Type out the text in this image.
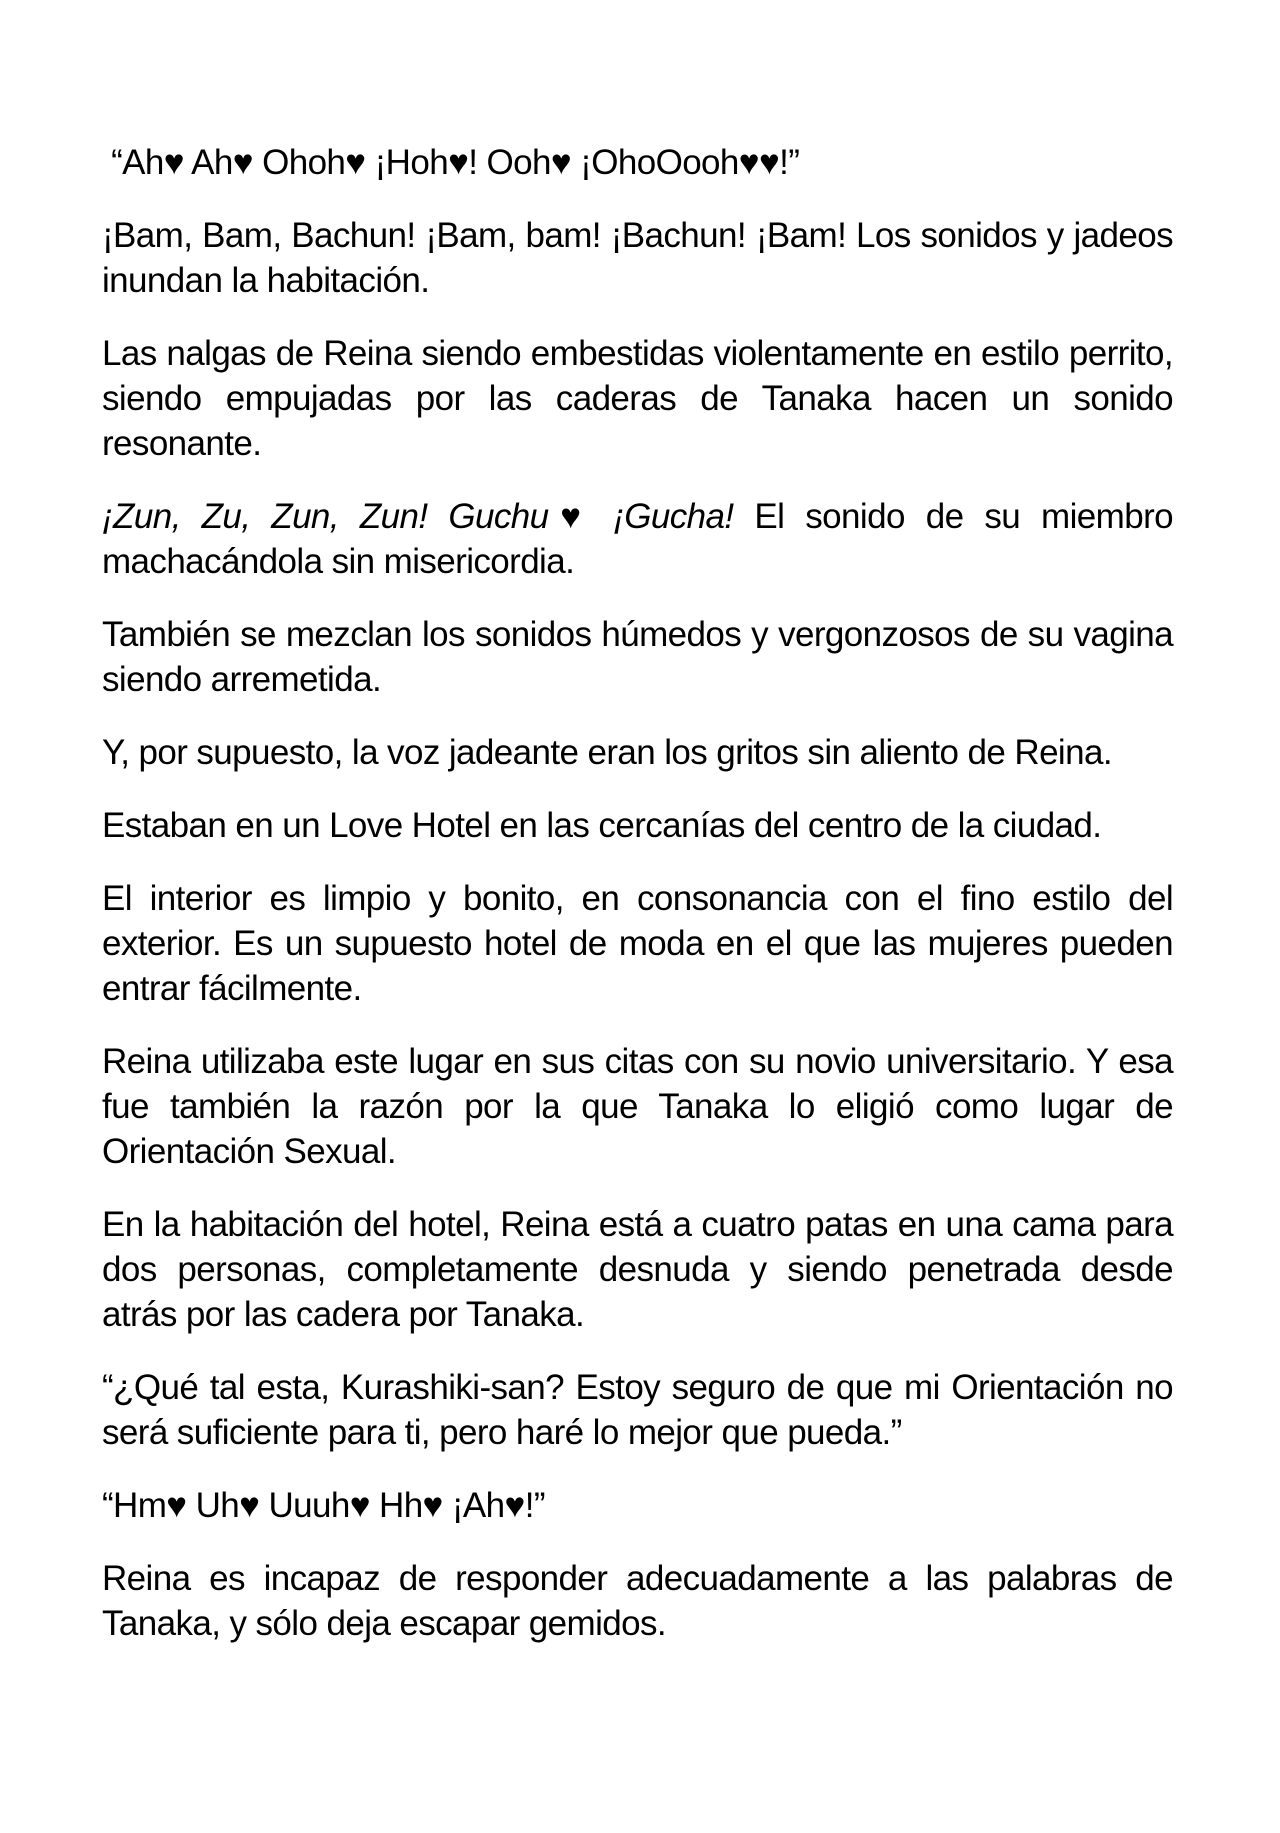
“Ah♥ Ah♥ Ohoh♥ ¡Hoh♥! Ooh♥ ¡OhoOooh♥♥!”

¡Bam, Bam, Bachun! ¡Bam, bam! ¡Bachun! ¡Bam! Los sonidos y jadeos inundan la habitación.

Las nalgas de Reina siendo embestidas violentamente en estilo perrito, siendo empujadas por las caderas de Tanaka hacen un sonido resonante.

¡Zun, Zu, Zun, Zun! Guchu♥ ¡Gucha! El sonido de su miembro machacándola sin misericordia.

También se mezclan los sonidos húmedos y vergonzosos de su vagina siendo arremetida.

Y, por supuesto, la voz jadeante eran los gritos sin aliento de Reina.

Estaban en un Love Hotel en las cercanías del centro de la ciudad.

El interior es limpio y bonito, en consonancia con el fino estilo del exterior. Es un supuesto hotel de moda en el que las mujeres pueden entrar fácilmente.

Reina utilizaba este lugar en sus citas con su novio universitario. Y esa fue también la razón por la que Tanaka lo eligió como lugar de Orientación Sexual.

En la habitación del hotel, Reina está a cuatro patas en una cama para dos personas, completamente desnuda y siendo penetrada desde atrás por las cadera por Tanaka.

“¿Qué tal esta, Kurashiki-san? Estoy seguro de que mi Orientación no será suficiente para ti, pero haré lo mejor que pueda.”

“Hm♥ Uh♥ Uuuh♥ Hh♥ ¡Ah♥!”

Reina es incapaz de responder adecuadamente a las palabras de Tanaka, y sólo deja escapar gemidos.
